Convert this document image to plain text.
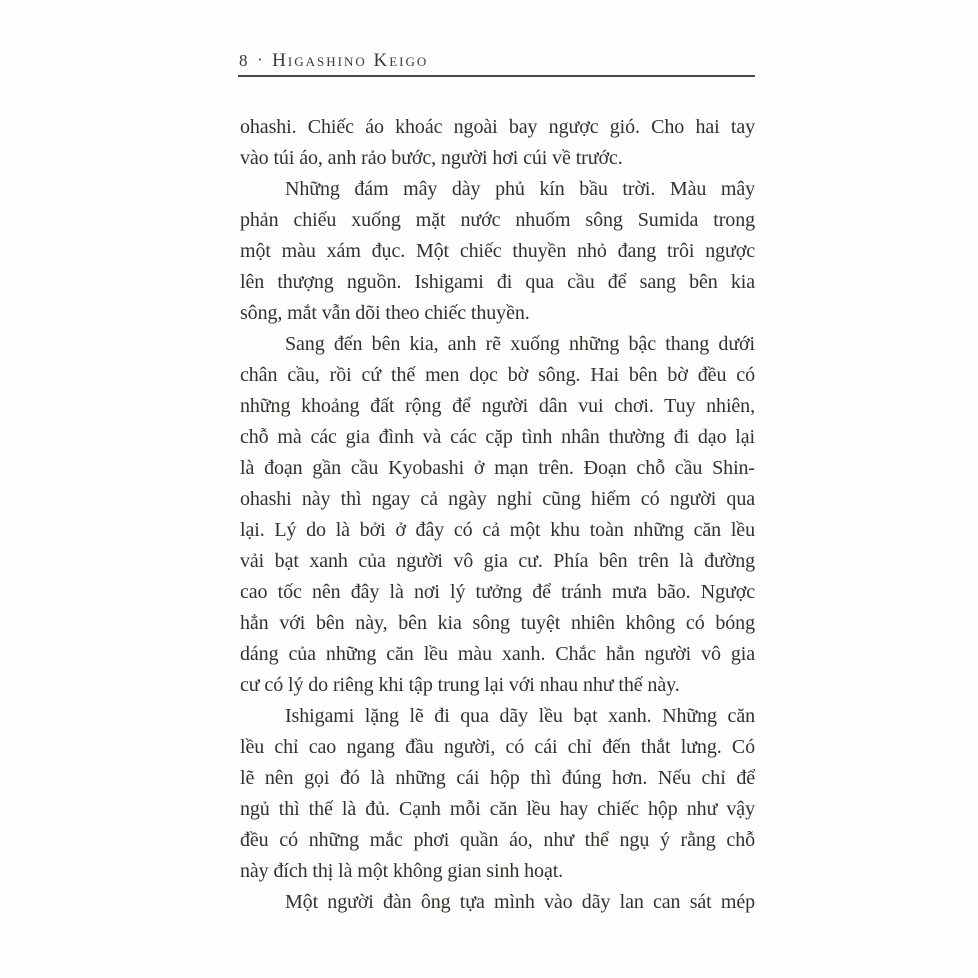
8 · Higashino Keigo
ohashi. Chiếc áo khoác ngoài bay ngược gió. Cho hai tay
vào túi áo, anh rảo bước, người hơi cúi về trước.
Những đám mây dày phủ kín bầu trời. Màu mây
phản chiếu xuống mặt nước nhuốm sông Sumida trong
một màu xám đục. Một chiếc thuyền nhỏ đang trôi ngược
lên thượng nguồn. Ishigami đi qua cầu để sang bên kia
sông, mắt vẫn dõi theo chiếc thuyền.
Sang đến bên kia, anh rẽ xuống những bậc thang dưới
chân cầu, rồi cứ thế men dọc bờ sông. Hai bên bờ đều có
những khoảng đất rộng để người dân vui chơi. Tuy nhiên,
chỗ mà các gia đình và các cặp tình nhân thường đi dạo lại
là đoạn gần cầu Kyobashi ở mạn trên. Đoạn chỗ cầu Shin-
ohashi này thì ngay cả ngày nghỉ cũng hiếm có người qua
lại. Lý do là bởi ở đây có cả một khu toàn những căn lều
vải bạt xanh của người vô gia cư. Phía bên trên là đường
cao tốc nên đây là nơi lý tưởng để tránh mưa bão. Ngược
hẳn với bên này, bên kia sông tuyệt nhiên không có bóng
dáng của những căn lều màu xanh. Chắc hẳn người vô gia
cư có lý do riêng khi tập trung lại với nhau như thế này.
Ishigami lặng lẽ đi qua dãy lều bạt xanh. Những căn
lều chỉ cao ngang đầu người, có cái chỉ đến thắt lưng. Có
lẽ nên gọi đó là những cái hộp thì đúng hơn. Nếu chỉ để
ngủ thì thế là đủ. Cạnh mỗi căn lều hay chiếc hộp như vậy
đều có những mắc phơi quần áo, như thể ngụ ý rằng chỗ
này đích thị là một không gian sinh hoạt.
Một người đàn ông tựa mình vào dãy lan can sát mép
